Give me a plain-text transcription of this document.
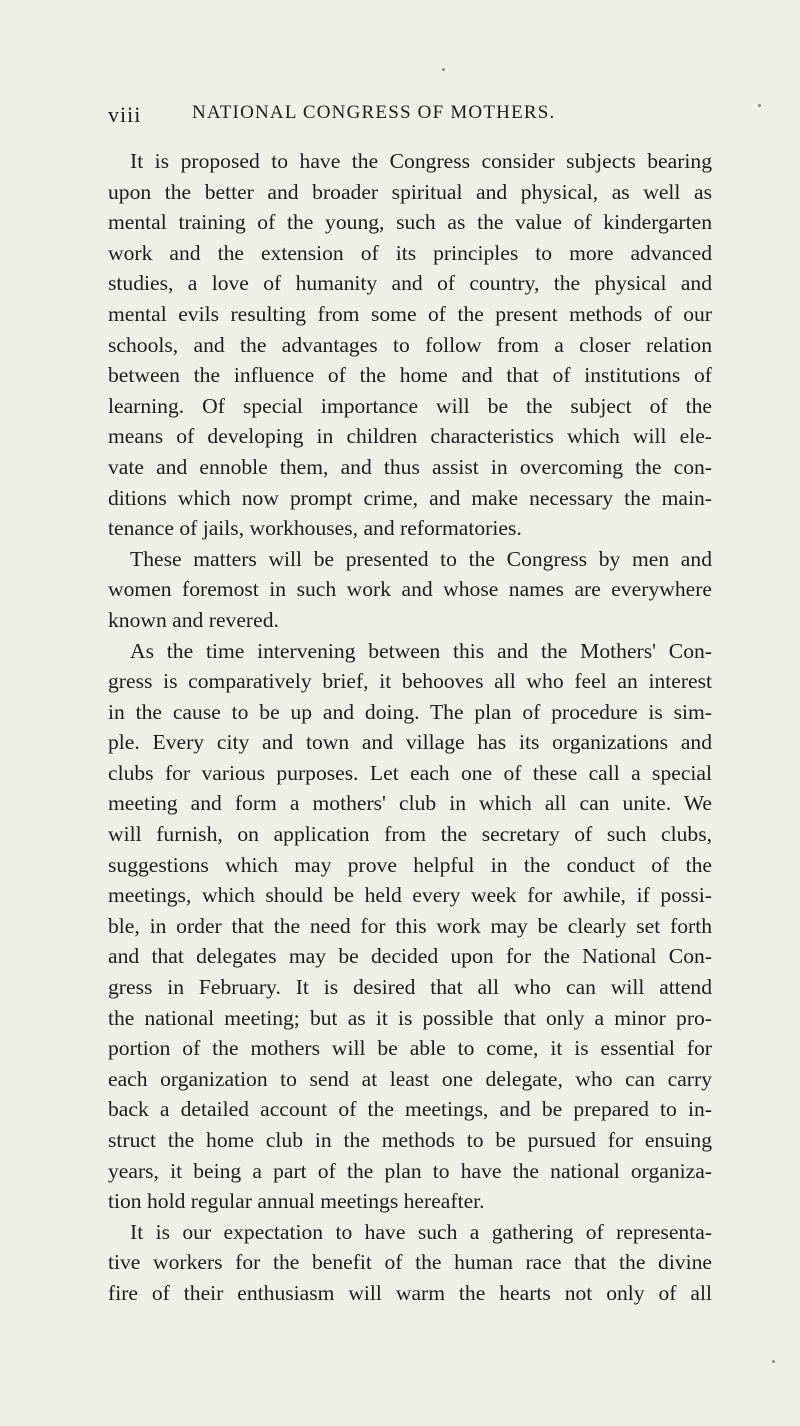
viii	NATIONAL CONGRESS OF MOTHERS.
It is proposed to have the Congress consider subjects bearing
upon the better and broader spiritual and physical, as well as
mental training of the young, such as the value of kindergarten
work and the extension of its principles to more advanced
studies, a love of humanity and of country, the physical and
mental evils resulting from some of the present methods of our
schools, and the advantages to follow from a closer relation
between the influence of the home and that of institutions of
learning. Of special importance will be the subject of the
means of developing in children characteristics which will ele-
vate and ennoble them, and thus assist in overcoming the con-
ditions which now prompt crime, and make necessary the main-
tenance of jails, workhouses, and reformatories.
These matters will be presented to the Congress by men and
women foremost in such work and whose names are everywhere
known and revered.
As the time intervening between this and the Mothers' Con-
gress is comparatively brief, it behooves all who feel an interest
in the cause to be up and doing. The plan of procedure is sim-
ple. Every city and town and village has its organizations and
clubs for various purposes. Let each one of these call a special
meeting and form a mothers' club in which all can unite. We
will furnish, on application from the secretary of such clubs,
suggestions which may prove helpful in the conduct of the
meetings, which should be held every week for awhile, if possi-
ble, in order that the need for this work may be clearly set forth
and that delegates may be decided upon for the National Con-
gress in February. It is desired that all who can will attend
the national meeting; but as it is possible that only a minor pro-
portion of the mothers will be able to come, it is essential for
each organization to send at least one delegate, who can carry
back a detailed account of the meetings, and be prepared to in-
struct the home club in the methods to be pursued for ensuing
years, it being a part of the plan to have the national organiza-
tion hold regular annual meetings hereafter.
It is our expectation to have such a gathering of representa-
tive workers for the benefit of the human race that the divine
fire of their enthusiasm will warm the hearts not only of all
